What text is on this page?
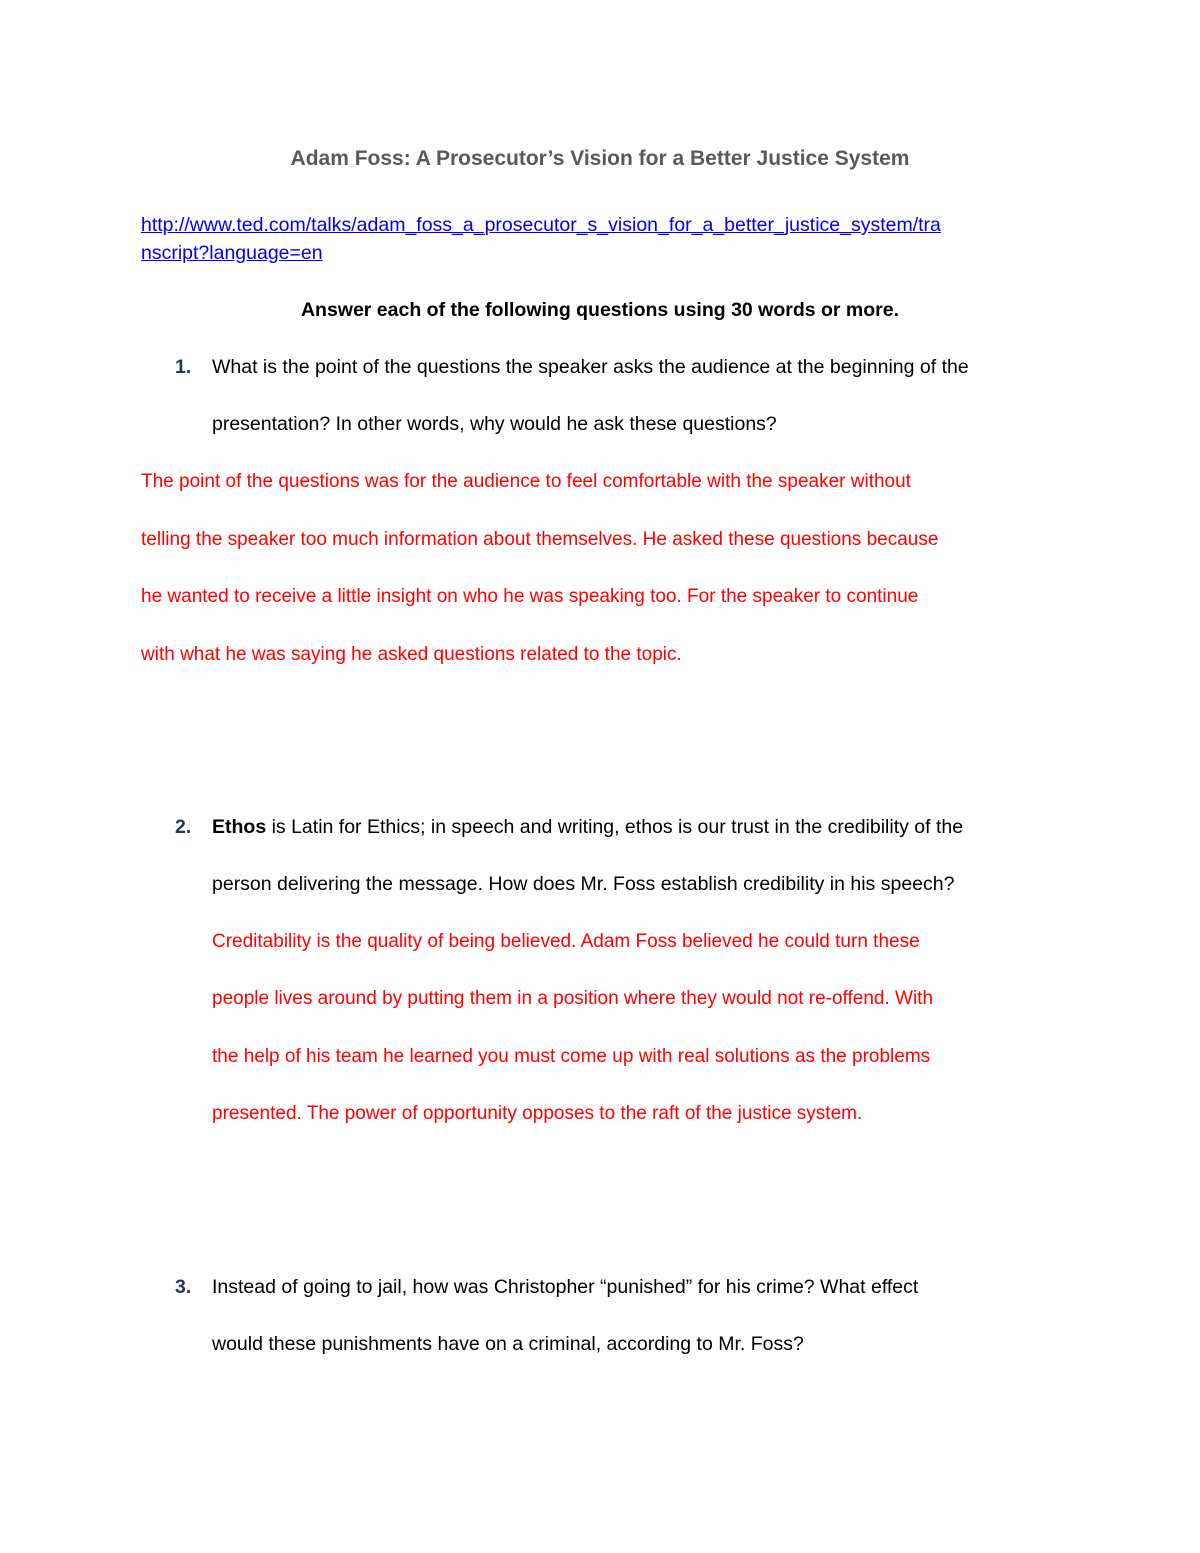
Adam Foss: A Prosecutor’s Vision for a Better Justice System
http://www.ted.com/talks/adam_foss_a_prosecutor_s_vision_for_a_better_justice_system/tra
nscript?language=en
Answer each of the following questions using 30 words or more.
1. What is the point of the questions the speaker asks the audience at the beginning of the
presentation? In other words, why would he ask these questions?
The point of the questions was for the audience to feel comfortable with the speaker without
telling the speaker too much information about themselves. He asked these questions because
he wanted to receive a little insight on who he was speaking too. For the speaker to continue
with what he was saying he asked questions related to the topic.
2. Ethos is Latin for Ethics; in speech and writing, ethos is our trust in the credibility of the
person delivering the message. How does Mr. Foss establish credibility in his speech?
Creditability is the quality of being believed. Adam Foss believed he could turn these
people lives around by putting them in a position where they would not re-offend. With
the help of his team he learned you must come up with real solutions as the problems
presented. The power of opportunity opposes to the raft of the justice system.
3. Instead of going to jail, how was Christopher “punished” for his crime? What effect
would these punishments have on a criminal, according to Mr. Foss?
